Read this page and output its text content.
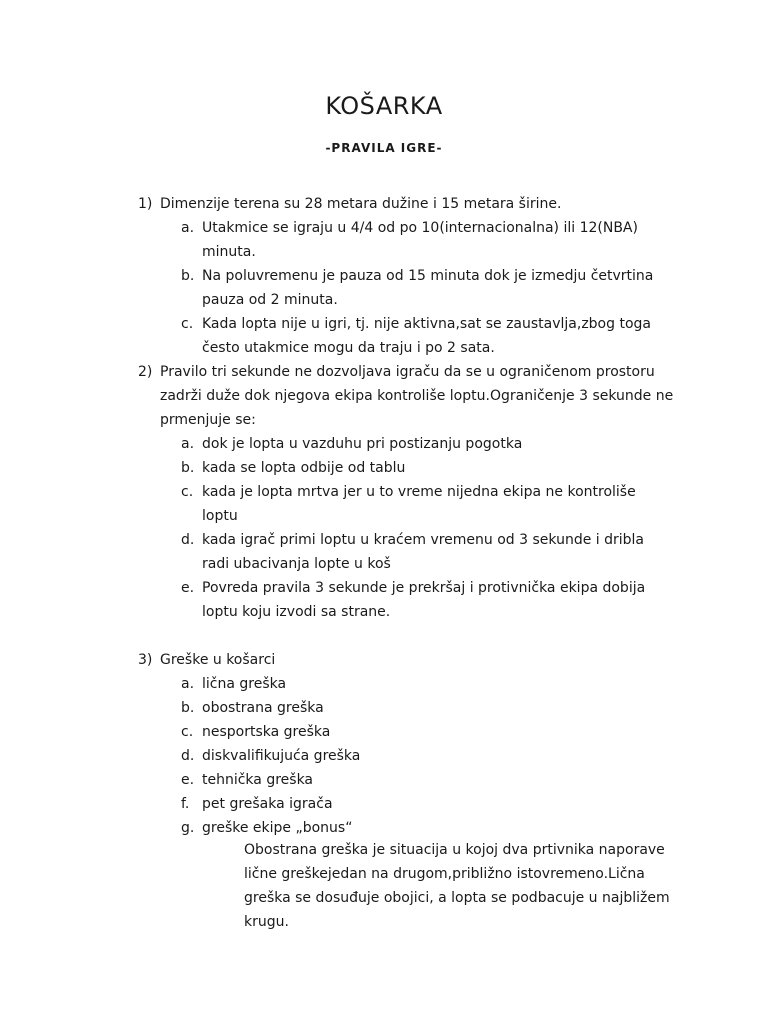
KOŠARKA
-PRAVILA IGRE-
1) Dimenzije terena su 28 metara dužine i 15 metara širine.
a. Utakmice se igraju u 4/4 od po 10(internacionalna) ili 12(NBA)
minuta.
b. Na poluvremenu je pauza od 15 minuta dok je izmedju četvrtina
pauza od 2 minuta.
c. Kada lopta nije u igri, tj. nije aktivna,sat se zaustavlja,zbog toga
često utakmice mogu da traju i po 2 sata.
2) Pravilo tri sekunde ne dozvoljava igraču da se u ograničenom prostoru
zadrži duže dok njegova ekipa kontroliše loptu.Ograničenje 3 sekunde ne
prmenjuje se:
a. dok je lopta u vazduhu pri postizanju pogotka
b. kada se lopta odbije od tablu
c. kada je lopta mrtva jer u to vreme nijedna ekipa ne kontroliše
loptu
d. kada igrač primi loptu u kraćem vremenu od 3 sekunde i dribla
radi ubacivanja lopte u koš
e. Povreda pravila 3 sekunde je prekršaj i protivnička ekipa dobija
loptu koju izvodi sa strane.
3) Greške u košarci
a. lična greška
b. obostrana greška
c. nesportska greška
d. diskvalifikujuća greška
e. tehnička greška
f. pet grešaka igrača
g. greške ekipe „bonus“
Obostrana greška je situacija u kojoj dva prtivnika naporave
lične greškejedan na drugom,približno istovremeno.Lična
greška se dosuđuje obojici, a lopta se podbacuje u najbližem
krugu.
